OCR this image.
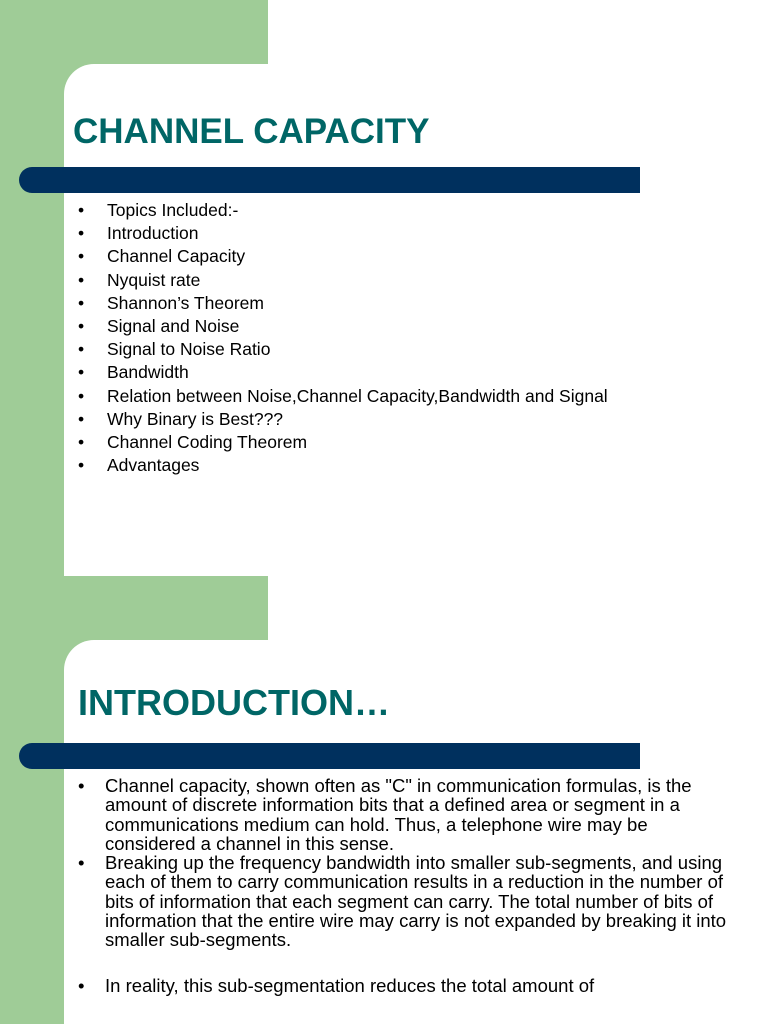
CHANNEL CAPACITY
•	Topics Included:-
•	Introduction
•	Channel Capacity
•	Nyquist rate
•	Shannon’s Theorem
•	Signal and Noise
•	Signal to Noise Ratio
•	Bandwidth
•	Relation between Noise,Channel Capacity,Bandwidth and Signal
•	Why Binary is Best???
•	Channel Coding Theorem
•	Advantages
INTRODUCTION…
•	Channel capacity, shown often as "C" in communication formulas, is the amount of discrete information bits that a defined area or segment in a communications medium can hold. Thus, a telephone wire may be considered a channel in this sense.
•	Breaking up the frequency bandwidth into smaller sub-segments, and using each of them to carry communication results in a reduction in the number of bits of information that each segment can carry. The total number of bits of information that the entire wire may carry is not expanded by breaking it into smaller sub-segments.
•	In reality, this sub-segmentation reduces the total amount of
